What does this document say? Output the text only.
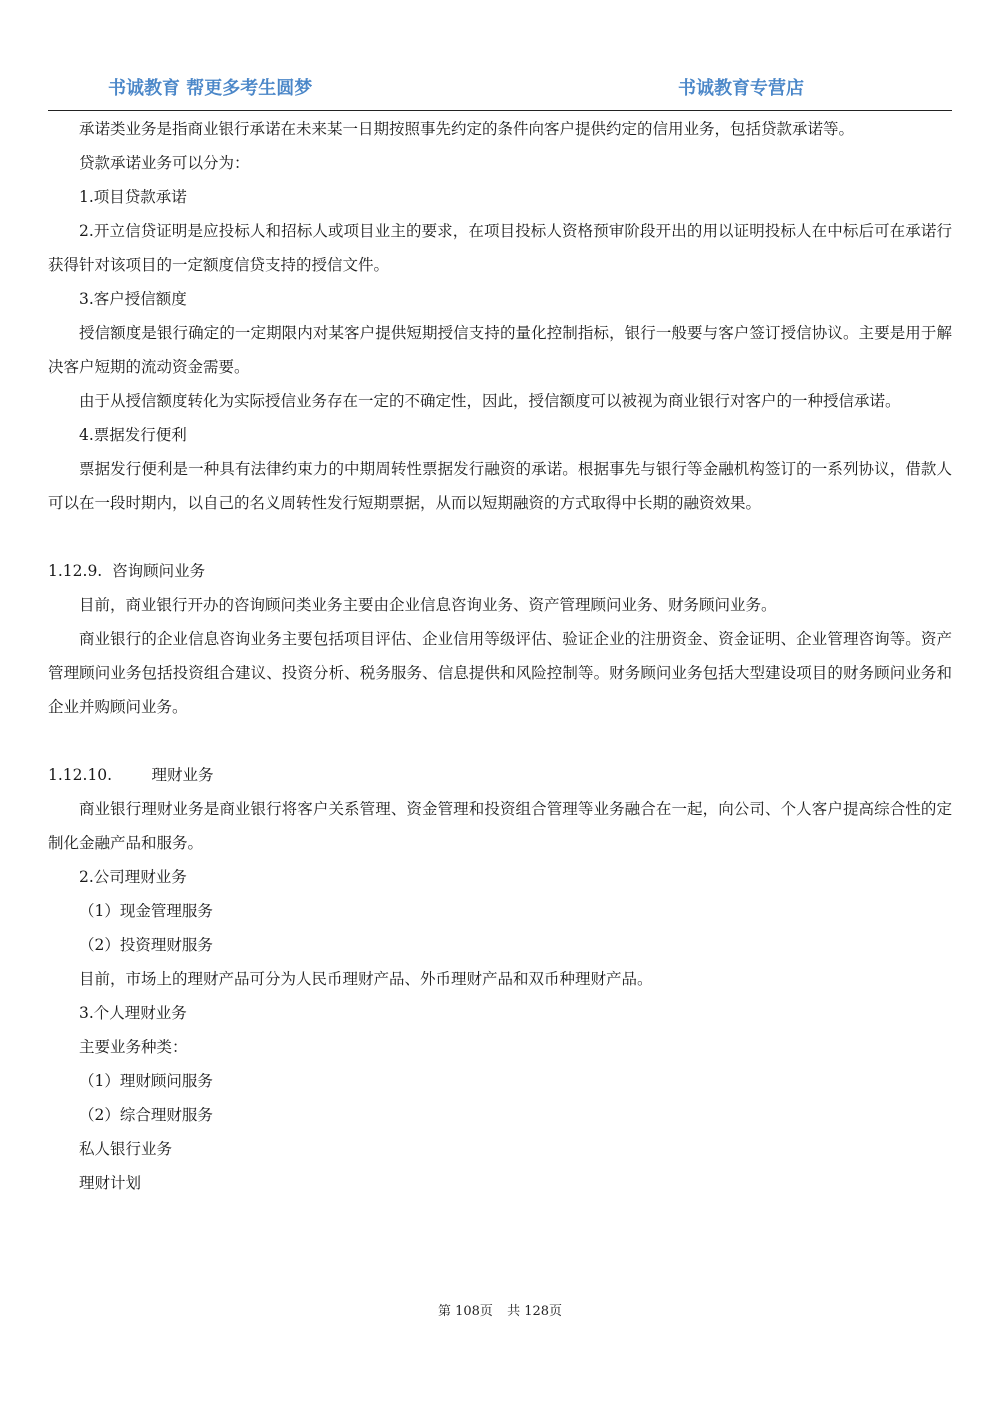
书诚教育 帮更多考生圆梦	书诚教育专营店

承诺类业务是指商业银行承诺在未来某一日期按照事先约定的条件向客户提供约定的信用业务，包括贷款承诺等。

贷款承诺业务可以分为：

1.项目贷款承诺

2.开立信贷证明是应投标人和招标人或项目业主的要求，在项目投标人资格预审阶段开出的用以证明投标人在中标后可在承诺行获得针对该项目的一定额度信贷支持的授信文件。

3.客户授信额度

授信额度是银行确定的一定期限内对某客户提供短期授信支持的量化控制指标，银行一般要与客户签订授信协议。主要是用于解决客户短期的流动资金需要。

由于从授信额度转化为实际授信业务存在一定的不确定性，因此，授信额度可以被视为商业银行对客户的一种授信承诺。

4.票据发行便利

票据发行便利是一种具有法律约束力的中期周转性票据发行融资的承诺。根据事先与银行等金融机构签订的一系列协议，借款人可以在一段时期内，以自己的名义周转性发行短期票据，从而以短期融资的方式取得中长期的融资效果。

1.12.9.  咨询顾问业务

目前，商业银行开办的咨询顾问类业务主要由企业信息咨询业务、资产管理顾问业务、财务顾问业务。

商业银行的企业信息咨询业务主要包括项目评估、企业信用等级评估、验证企业的注册资金、资金证明、企业管理咨询等。资产管理顾问业务包括投资组合建议、投资分析、税务服务、信息提供和风险控制等。财务顾问业务包括大型建设项目的财务顾问业务和企业并购顾问业务。

1.12.10.        理财业务

商业银行理财业务是商业银行将客户关系管理、资金管理和投资组合管理等业务融合在一起，向公司、个人客户提高综合性的定制化金融产品和服务。

2.公司理财业务

（1）现金管理服务

（2）投资理财服务

目前，市场上的理财产品可分为人民币理财产品、外币理财产品和双币种理财产品。

3.个人理财业务

主要业务种类：

（1）理财顾问服务

（2）综合理财服务

私人银行业务

理财计划

第 108页 共 128页
